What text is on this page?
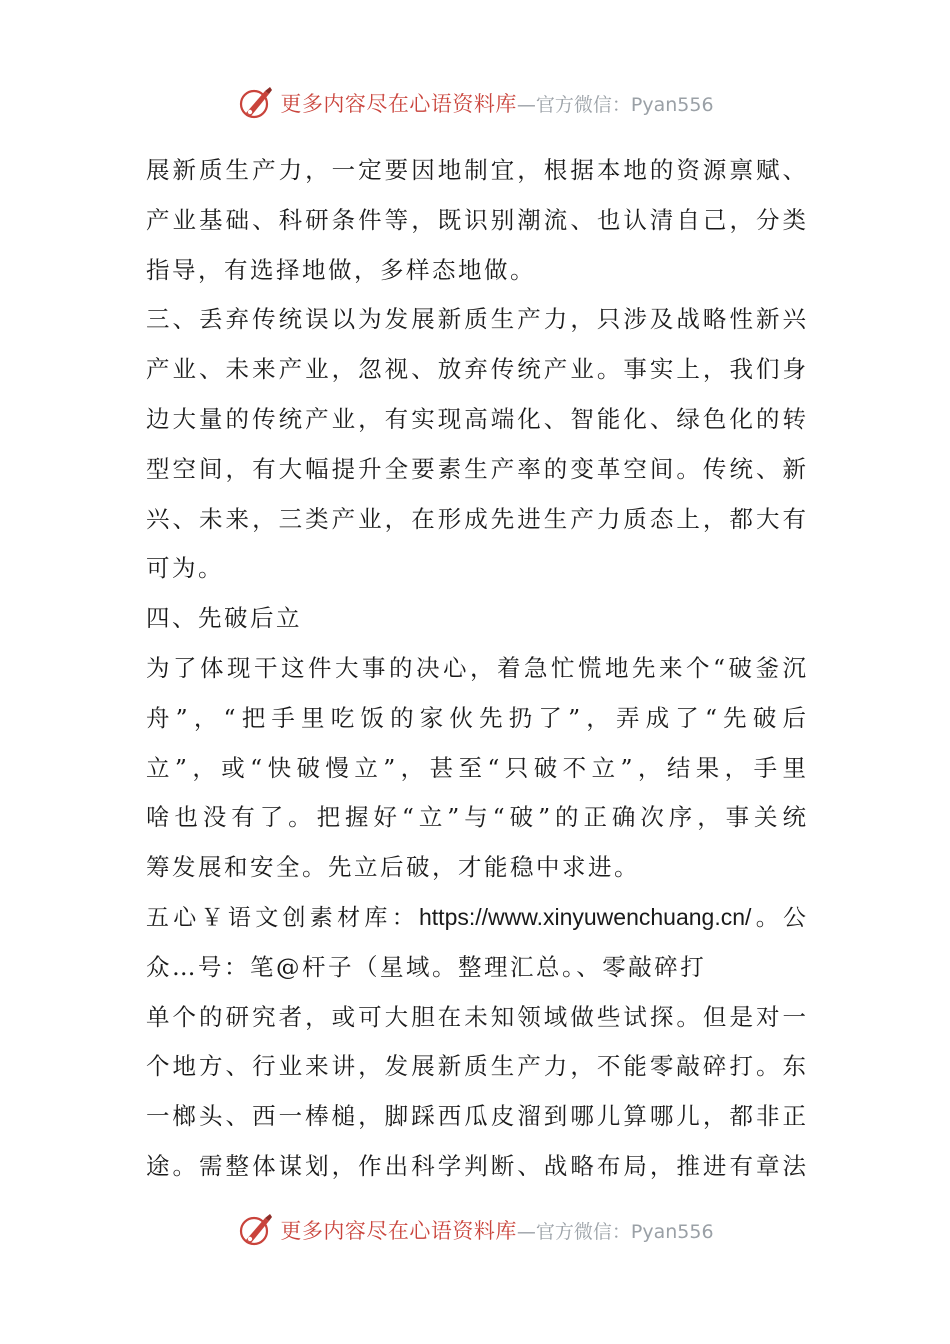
更多内容尽在心语资料库 —官方微信：Pyan556
展新质生产力，一定要因地制宜，根据本地的资源禀赋、
产业基础、科研条件等，既识别潮流、也认清自己，分类
指导，有选择地做，多样态地做。
三、丢弃传统误以为发展新质生产力，只涉及战略性新兴
产业、未来产业，忽视、放弃传统产业。事实上，我们身
边大量的传统产业，有实现高端化、智能化、绿色化的转
型空间，有大幅提升全要素生产率的变革空间。传统、新
兴、未来，三类产业，在形成先进生产力质态上，都大有
可为。
四、先破后立
为了体现干这件大事的决心，着急忙慌地先来个“破釜沉
舟”，“把手里吃饭的家伙先扔了”，弄成了“先破后
立”，或“快破慢立”，甚至“只破不立”，结果，手里
啥也没有了。把握好“立”与“破”的正确次序，事关统
筹发展和安全。先立后破，才能稳中求进。
五心￥语文创素材库：https://www.xinyuwenchuang.cn/。公
众…号：笔@杆子（星域。整理汇总。、零敲碎打
单个的研究者，或可大胆在未知领域做些试探。但是对一
个地方、行业来讲，发展新质生产力，不能零敲碎打。东
一榔头、西一棒槌，脚踩西瓜皮溜到哪儿算哪儿，都非正
途。需整体谋划，作出科学判断、战略布局，推进有章法
更多内容尽在心语资料库 —官方微信：Pyan556
